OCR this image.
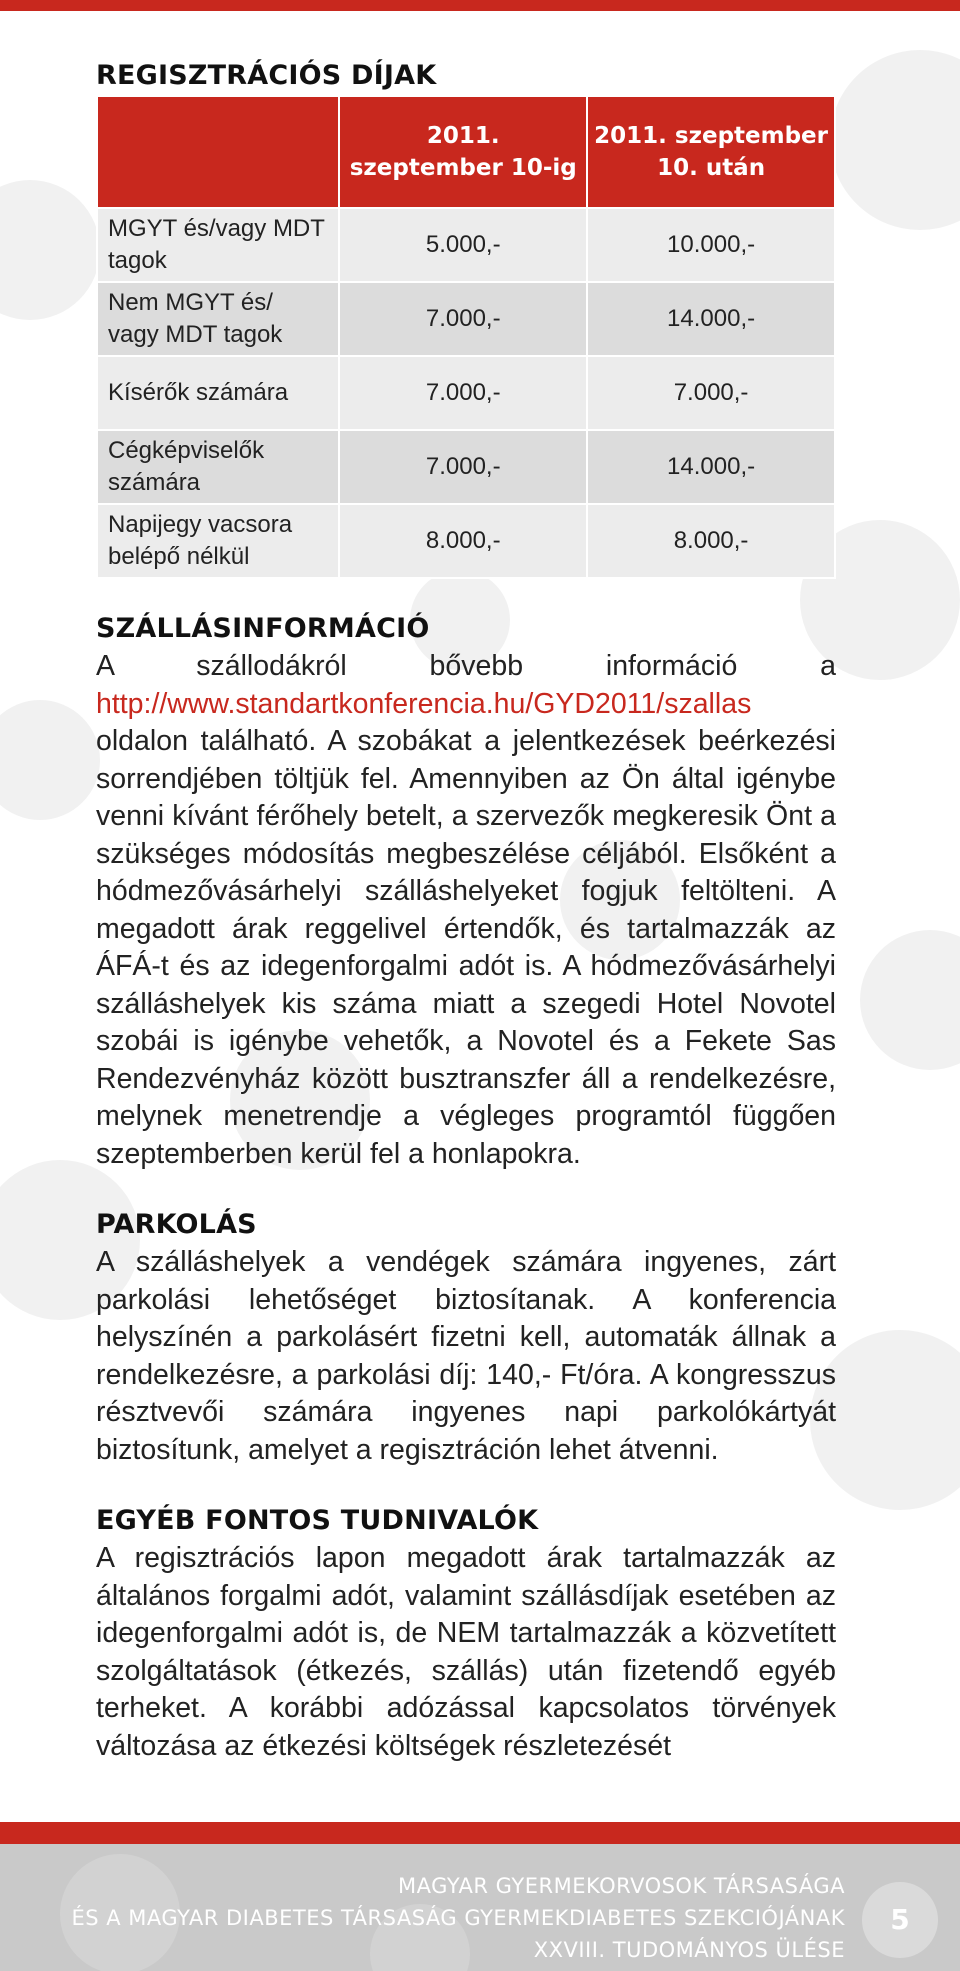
REGISZTRÁCIÓS DÍJAK
	2011. szeptember 10-ig	2011. szeptember 10. után
MGYT és/vagy MDT tagok	5.000,-	10.000,-
Nem MGYT és/ vagy MDT tagok	7.000,-	14.000,-
Kísérők számára	7.000,-	7.000,-
Cégképviselők számára	7.000,-	14.000,-
Napijegy vacsora belépő nélkül	8.000,-	8.000,-
SZÁLLÁSINFORMÁCIÓ

A szállodákról bővebb információ a http://www.standartkonferencia.hu/GYD2011/szallas oldalon található. A szobákat a jelentkezések beérkezési sorrendjében töltjük fel. Amennyiben az Ön által igénybe venni kívánt férőhely betelt, a szervezők megkeresik Önt a szükséges módosítás megbeszélése céljából. Elsőként a hódmezővásárhelyi szálláshelyeket fogjuk feltölteni. A megadott árak reggelivel értendők, és tartalmazzák az ÁFÁ-t és az idegenforgalmi adót is. A hódmezővásárhelyi szálláshelyek kis száma miatt a szegedi Hotel Novotel szobái is igénybe vehetők, a Novotel és a Fekete Sas Rendezvényház között busztranszfer áll a rendelkezésre, melynek menetrendje a végleges programtól függően szeptemberben kerül fel a honlapokra.

PARKOLÁS

A szálláshelyek a vendégek számára ingyenes, zárt parkolási lehetőséget biztosítanak. A konferencia helyszínén a parkolásért fizetni kell, automaták állnak a rendelkezésre, a parkolási díj: 140,- Ft/óra. A kongresszus résztvevői számára ingyenes napi parkolókártyát biztosítunk, amelyet a regisztráción lehet átvenni.

EGYÉB FONTOS TUDNIVALÓK

A regisztrációs lapon megadott árak tartalmazzák az általános forgalmi adót, valamint szállásdíjak esetében az idegenforgalmi adót is, de NEM tartalmazzák a közvetített szolgáltatások (étkezés, szállás) után fizetendő egyéb terheket. A korábbi adózással kapcsolatos törvények változása az étkezési költségek részletezését

MAGYAR GYERMEKORVOSOK TÁRSASÁGA
ÉS A MAGYAR DIABETES TÁRSASÁG GYERMEKDIABETES SZEKCIÓJÁNAK
XXVIII. TUDOMÁNYOS ÜLÉSE
5
